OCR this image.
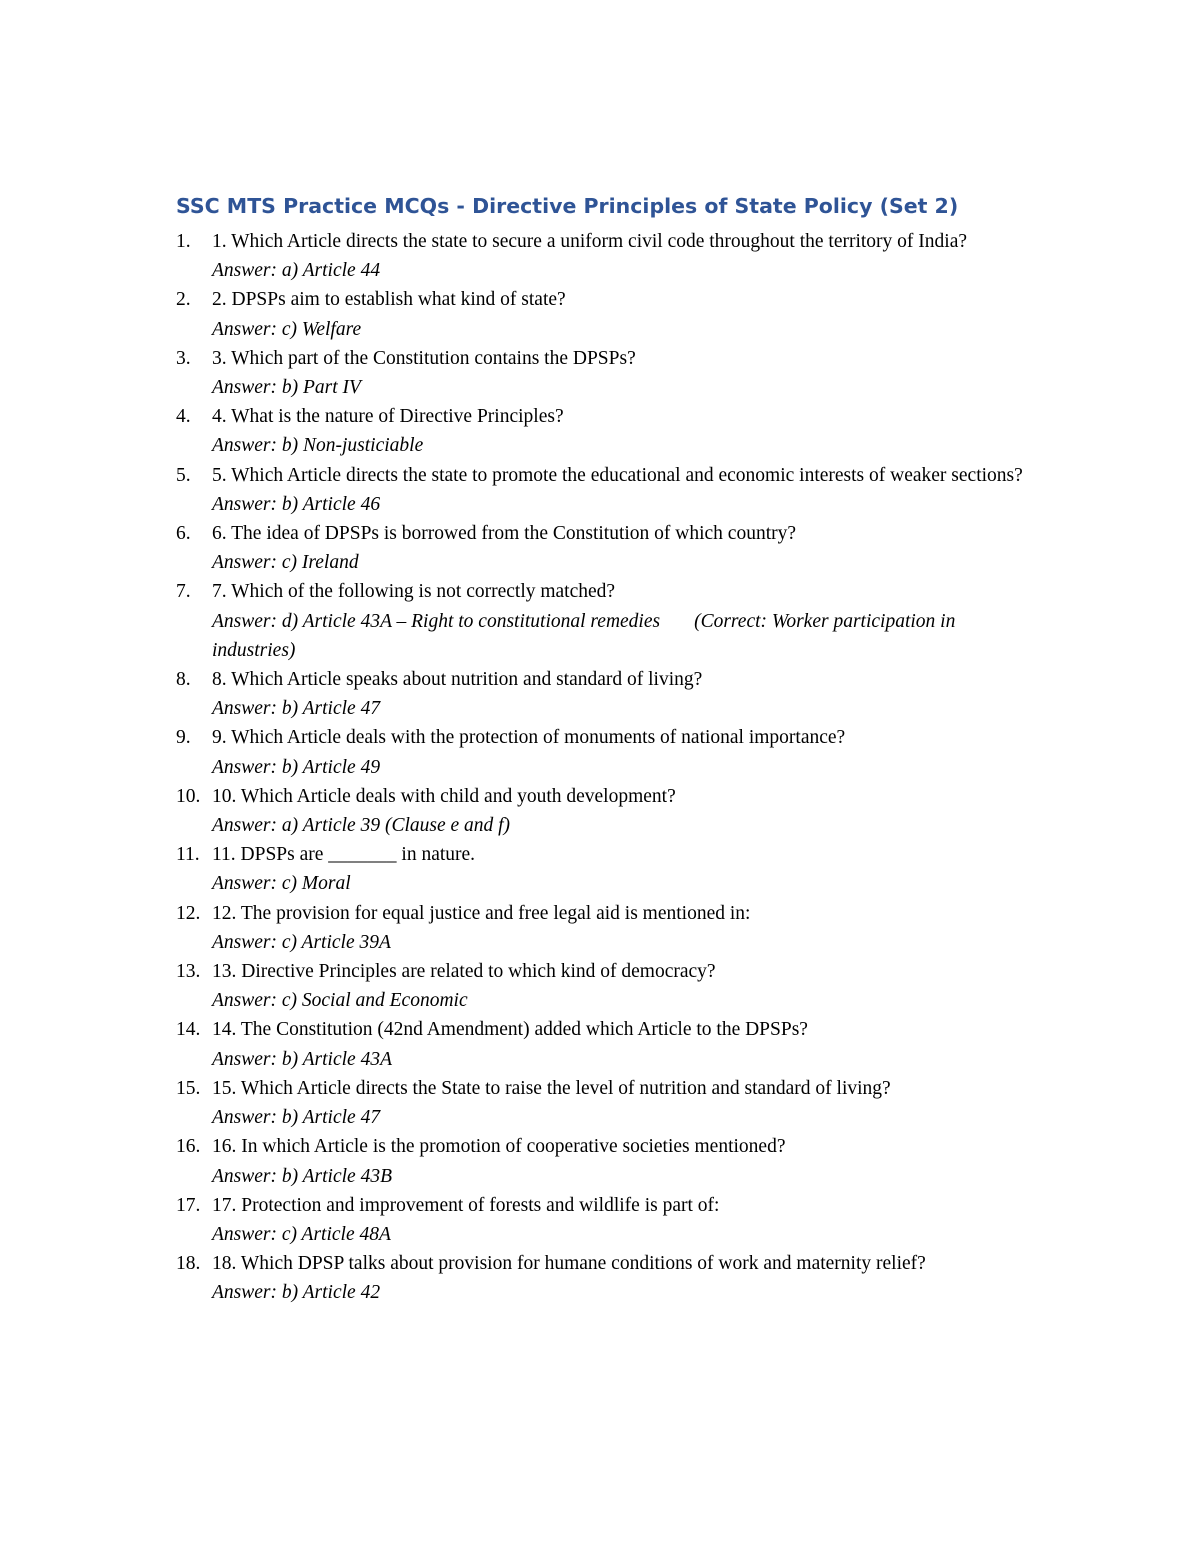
SSC MTS Practice MCQs - Directive Principles of State Policy (Set 2)
1.	1. Which Article directs the state to secure a uniform civil code throughout the territory of India?
Answer: a) Article 44
2.	2. DPSPs aim to establish what kind of state?
Answer: c) Welfare
3.	3. Which part of the Constitution contains the DPSPs?
Answer: b) Part IV
4.	4. What is the nature of Directive Principles?
Answer: b) Non-justiciable
5.	5. Which Article directs the state to promote the educational and economic interests of weaker sections?
Answer: b) Article 46
6.	6. The idea of DPSPs is borrowed from the Constitution of which country?
Answer: c) Ireland
7.	7. Which of the following is not correctly matched?
Answer: d) Article 43A – Right to constitutional remedies (Correct: Worker participation in industries)
8.	8. Which Article speaks about nutrition and standard of living?
Answer: b) Article 47
9.	9. Which Article deals with the protection of monuments of national importance?
Answer: b) Article 49
10. 10. Which Article deals with child and youth development?
Answer: a) Article 39 (Clause e and f)
11. 11. DPSPs are _______ in nature.
Answer: c) Moral
12. 12. The provision for equal justice and free legal aid is mentioned in:
Answer: c) Article 39A
13. 13. Directive Principles are related to which kind of democracy?
Answer: c) Social and Economic
14. 14. The Constitution (42nd Amendment) added which Article to the DPSPs?
Answer: b) Article 43A
15. 15. Which Article directs the State to raise the level of nutrition and standard of living?
Answer: b) Article 47
16. 16. In which Article is the promotion of cooperative societies mentioned?
Answer: b) Article 43B
17. 17. Protection and improvement of forests and wildlife is part of:
Answer: c) Article 48A
18. 18. Which DPSP talks about provision for humane conditions of work and maternity relief?
Answer: b) Article 42
